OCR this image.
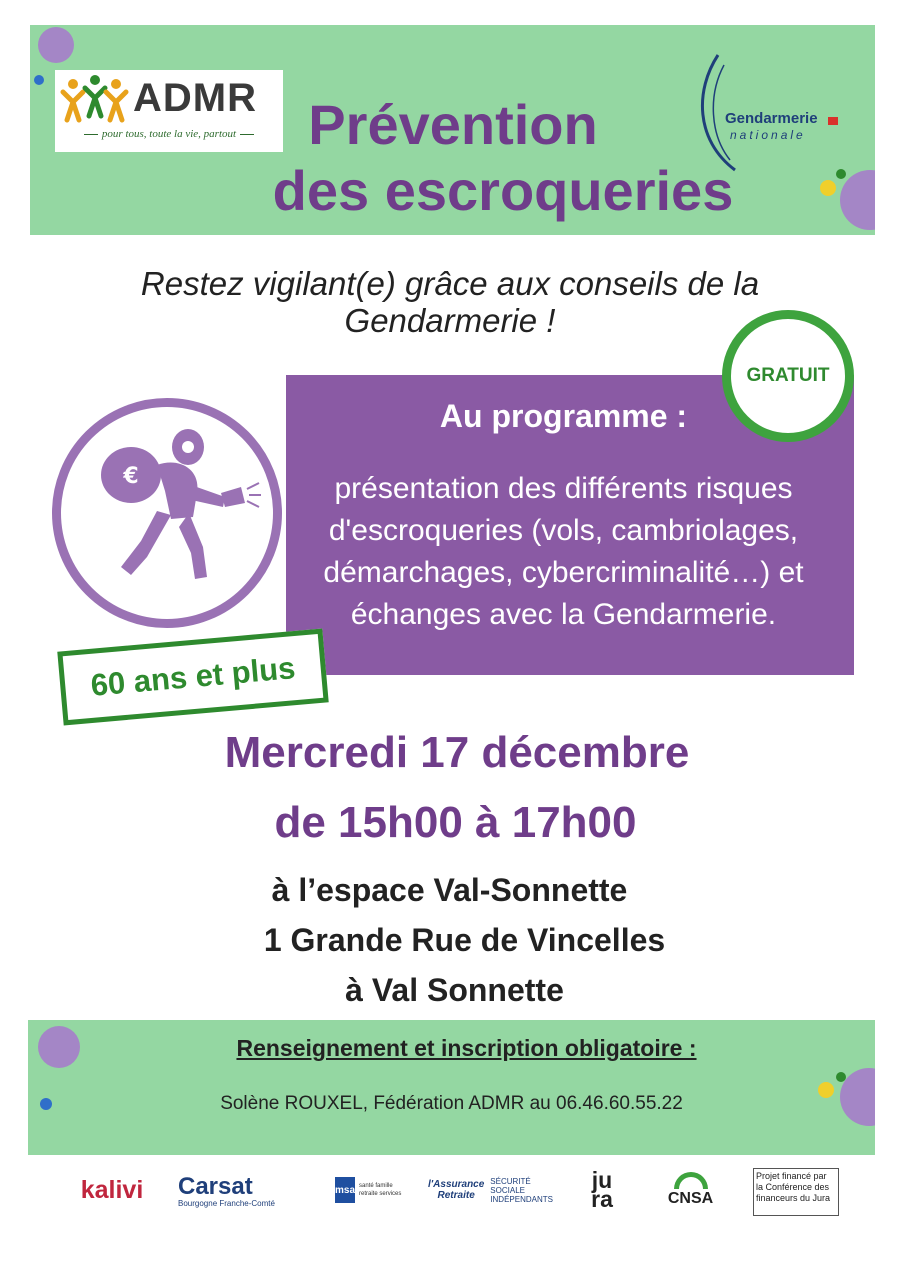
ADMR
pour tous, toute la vie, partout	Prévention
des escroqueries
Gendarmerie
nationale
Restez vigilant(e) grâce aux conseils de la Gendarmerie !
Au programme :
présentation des différents risques
d'escroqueries (vols, cambriolages,
démarchages, cybercriminalité…) et
échanges avec la Gendarmerie.
GRATUIT
€
60 ans et plus
Mercredi 17 décembre
de 15h00 à 17h00
à l’espace Val-Sonnette
1 Grande Rue de Vincelles
à Val Sonnette
Renseignement et inscription obligatoire :
Solène ROUXEL, Fédération ADMR au 06.46.60.55.22
kalivi	Carsat
Bourgogne Franche-Comté
msa santé famille retraite services
l'Assurance Retraite
SÉCURITÉ SOCIALE INDÉPENDANTS
ju
ra	CNSA
Projet financé par la Conférence des financeurs du Jura
